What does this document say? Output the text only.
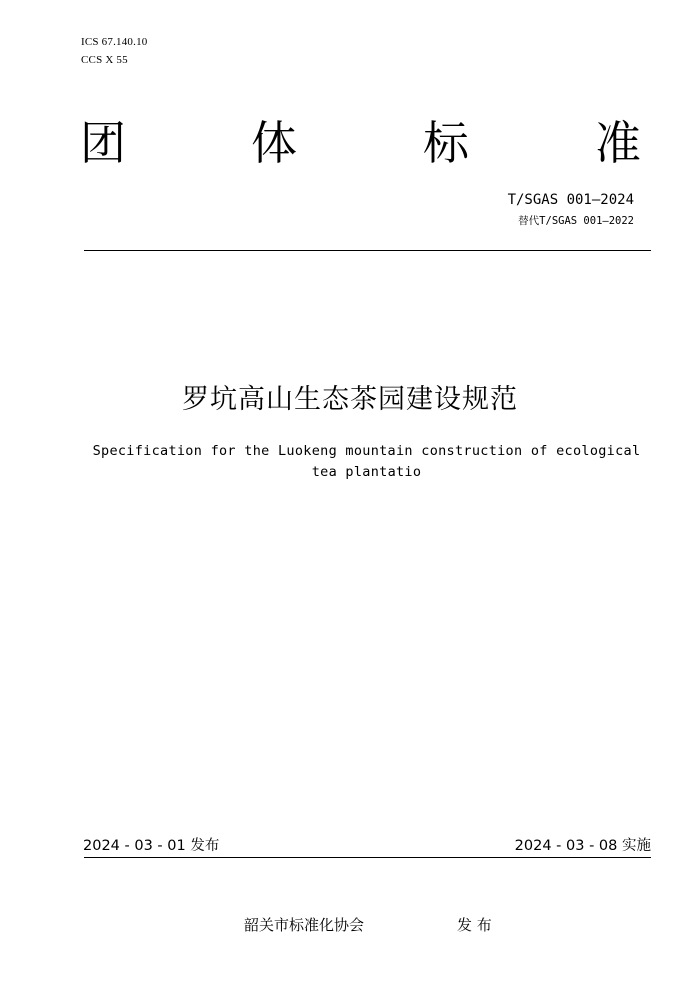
ICS 67.140.10
CCS X 55
团	体	标	准
T/SGAS 001—2024
替代T/SGAS 001—2022
罗坑高山生态茶园建设规范
Specification for the Luokeng mountain construction of ecological tea plantatio
2024 - 03 - 01 发布	2024 - 03 - 08 实施
韶关市标准化协会	发 布
